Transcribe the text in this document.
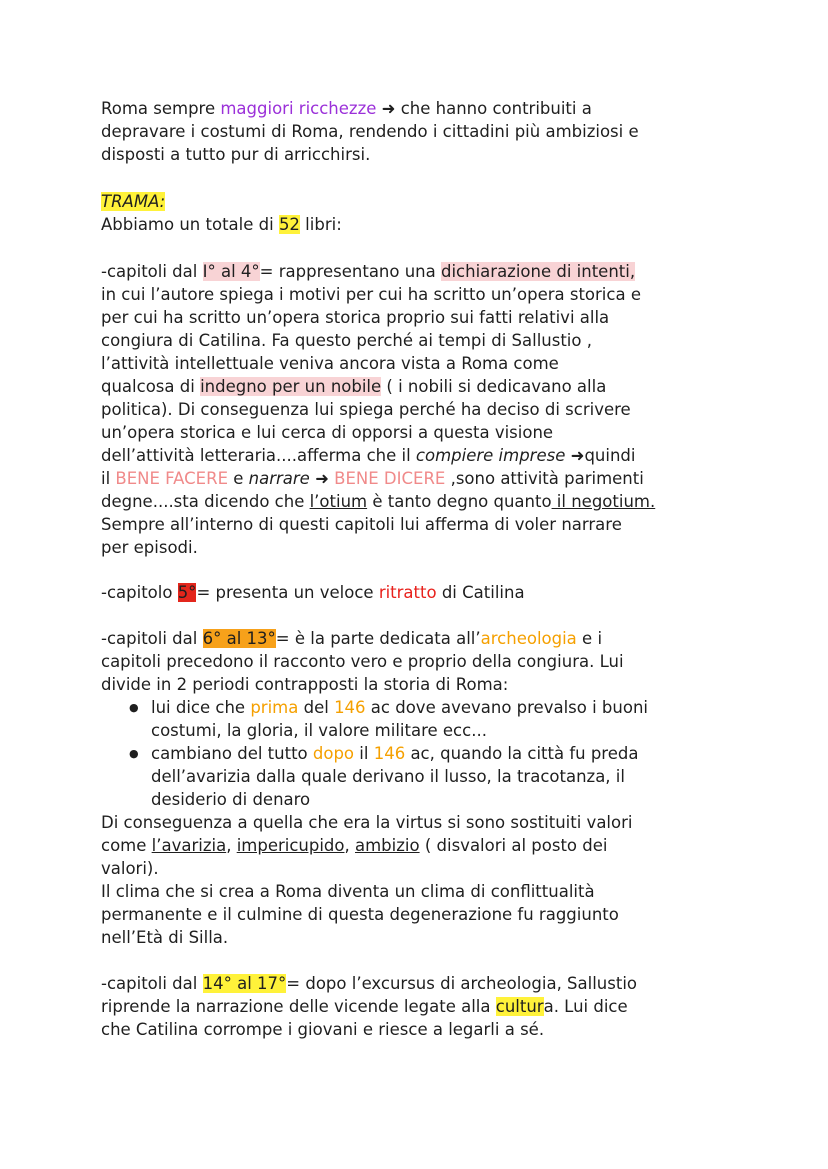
Roma sempre maggiori ricchezze ➜ che hanno contribuiti a

depravare i costumi di Roma, rendendo i cittadini più ambiziosi e

disposti a tutto pur di arricchirsi.

TRAMA:

Abbiamo un totale di 52 libri:

-capitoli dal I° al 4°= rappresentano una dichiarazione di intenti,

in cui l’autore spiega i motivi per cui ha scritto un’opera storica e

per cui ha scritto un’opera storica proprio sui fatti relativi alla

congiura di Catilina. Fa questo perché ai tempi di Sallustio ,

l’attività intellettuale veniva ancora vista a Roma come

qualcosa di indegno per un nobile ( i nobili si dedicavano alla

politica). Di conseguenza lui spiega perché ha deciso di scrivere

un’opera storica e lui cerca di opporsi a questa visione

dell’attività letteraria....afferma che il compiere imprese ➜quindi

il BENE FACERE e narrare ➜ BENE DICERE ,sono attività parimenti

degne....sta dicendo che l’otium è tanto degno quanto il negotium.

Sempre all’interno di questi capitoli lui afferma di voler narrare

per episodi.

-capitolo 5°= presenta un veloce ritratto di Catilina

-capitoli dal 6° al 13°= è la parte dedicata all’archeologia e i

capitoli precedono il racconto vero e proprio della congiura. Lui

divide in 2 periodi contrapposti la storia di Roma:

● lui dice che prima del 146 ac dove avevano prevalso i buoni
costumi, la gloria, il valore militare ecc...
● cambiano del tutto dopo il 146 ac, quando la città fu preda
dell’avarizia dalla quale derivano il lusso, la tracotanza, il
desiderio di denaro

Di conseguenza a quella che era la virtus si sono sostituiti valori

come l’avarizia, impericupido, ambizio ( disvalori al posto dei

valori).

Il clima che si crea a Roma diventa un clima di conflittualità

permanente e il culmine di questa degenerazione fu raggiunto

nell’Età di Silla.

-capitoli dal 14° al 17°= dopo l’excursus di archeologia, Sallustio

riprende la narrazione delle vicende legate alla cultura. Lui dice

che Catilina corrompe i giovani e riesce a legarli a sé.
